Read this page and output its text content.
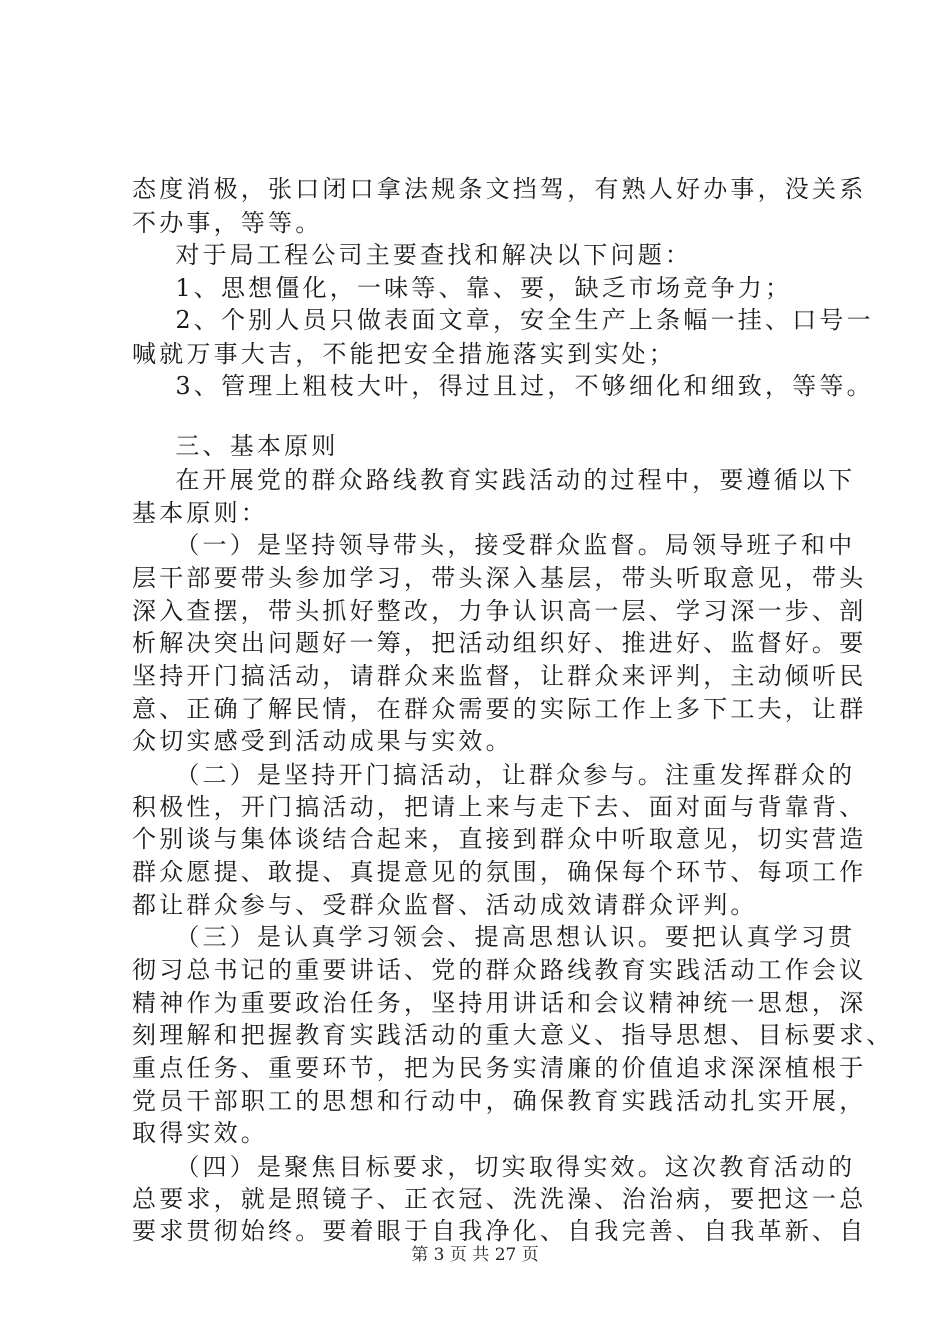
态度消极，张口闭口拿法规条文挡驾，有熟人好办事，没关系
不办事，等等。
对于局工程公司主要查找和解决以下问题：
1、思想僵化，一味等、靠、要，缺乏市场竞争力；
2、个别人员只做表面文章，安全生产上条幅一挂、口号一
喊就万事大吉，不能把安全措施落实到实处；
3、管理上粗枝大叶，得过且过，不够细化和细致，等等。
三、基本原则
在开展党的群众路线教育实践活动的过程中，要遵循以下
基本原则：
（一）是坚持领导带头，接受群众监督。局领导班子和中
层干部要带头参加学习，带头深入基层，带头听取意见，带头
深入查摆，带头抓好整改，力争认识高一层、学习深一步、剖
析解决突出问题好一筹，把活动组织好、推进好、监督好。要
坚持开门搞活动，请群众来监督，让群众来评判，主动倾听民
意、正确了解民情，在群众需要的实际工作上多下工夫，让群
众切实感受到活动成果与实效。
（二）是坚持开门搞活动，让群众参与。注重发挥群众的
积极性，开门搞活动，把请上来与走下去、面对面与背靠背、
个别谈与集体谈结合起来，直接到群众中听取意见，切实营造
群众愿提、敢提、真提意见的氛围，确保每个环节、每项工作
都让群众参与、受群众监督、活动成效请群众评判。
（三）是认真学习领会、提高思想认识。要把认真学习贯
彻习总书记的重要讲话、党的群众路线教育实践活动工作会议
精神作为重要政治任务，坚持用讲话和会议精神统一思想，深
刻理解和把握教育实践活动的重大意义、指导思想、目标要求、
重点任务、重要环节，把为民务实清廉的价值追求深深植根于
党员干部职工的思想和行动中，确保教育实践活动扎实开展，
取得实效。
（四）是聚焦目标要求，切实取得实效。这次教育活动的
总要求，就是照镜子、正衣冠、洗洗澡、治治病，要把这一总
要求贯彻始终。要着眼于自我净化、自我完善、自我革新、自
第 3 页 共 27 页
